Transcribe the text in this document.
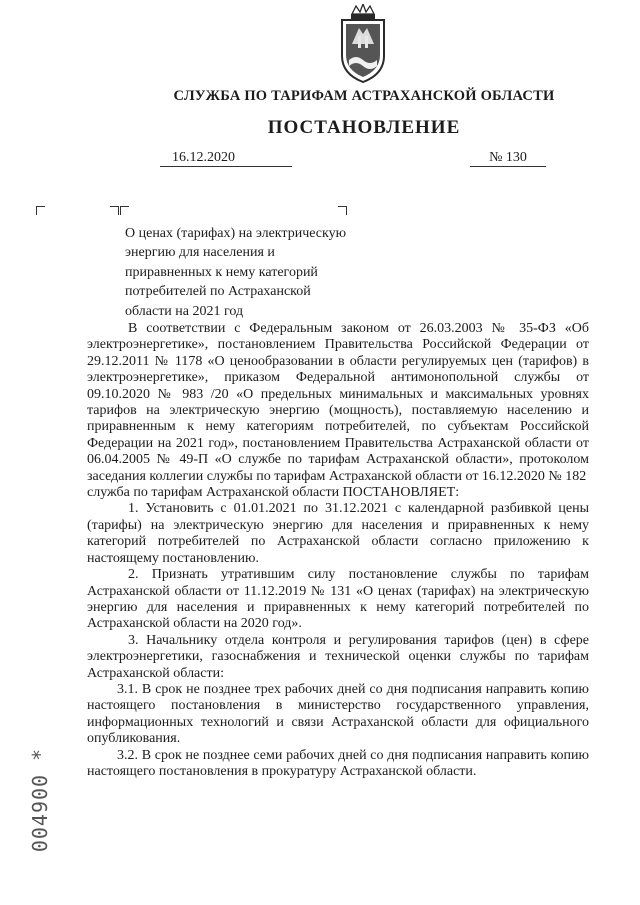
СЛУЖБА ПО ТАРИФАМ АСТРАХАНСКОЙ ОБЛАСТИ
ПОСТАНОВЛЕНИЕ
16.12.2020	№ 130
О ценах (тарифах) на электрическую энергию для населения и приравненных к нему категорий потребителей по Астраханской области на 2021 год

В соответствии с Федеральным законом от 26.03.2003 № 35-ФЗ «Об электроэнергетике», постановлением Правительства Российской Федерации от 29.12.2011 № 1178 «О ценообразовании в области регулируемых цен (тарифов) в электроэнергетике», приказом Федеральной антимонопольной службы от 09.10.2020 № 983 /20 «О предельных минимальных и максимальных уровнях тарифов на электрическую энергию (мощность), поставляемую населению и приравненным к нему категориям потребителей, по субъектам Российской Федерации на 2021 год», постановлением Правительства Астраханской области от 06.04.2005 № 49-П «О службе по тарифам Астраханской области», протоколом заседания коллегии службы по тарифам Астраханской области от 16.12.2020 № 182

служба по тарифам Астраханской области ПОСТАНОВЛЯЕТ:

1. Установить с 01.01.2021 по 31.12.2021 с календарной разбивкой цены (тарифы) на электрическую энергию для населения и приравненных к нему категорий потребителей по Астраханской области согласно приложению к настоящему постановлению.

2. Признать утратившим силу постановление службы по тарифам Астраханской области от 11.12.2019 № 131 «О ценах (тарифах) на электрическую энергию для населения и приравненных к нему категорий потребителей по Астраханской области на 2020 год».

3. Начальнику отдела контроля и регулирования тарифов (цен) в сфере электроэнергетики, газоснабжения и технической оценки службы по тарифам Астраханской области:

3.1. В срок не позднее трех рабочих дней со дня подписания направить копию настоящего постановления в министерство государственного управления, информационных технологий и связи Астраханской области для официального опубликования.

3.2. В срок не позднее семи рабочих дней со дня подписания направить копию настоящего постановления в прокуратуру Астраханской области.

004900 *
